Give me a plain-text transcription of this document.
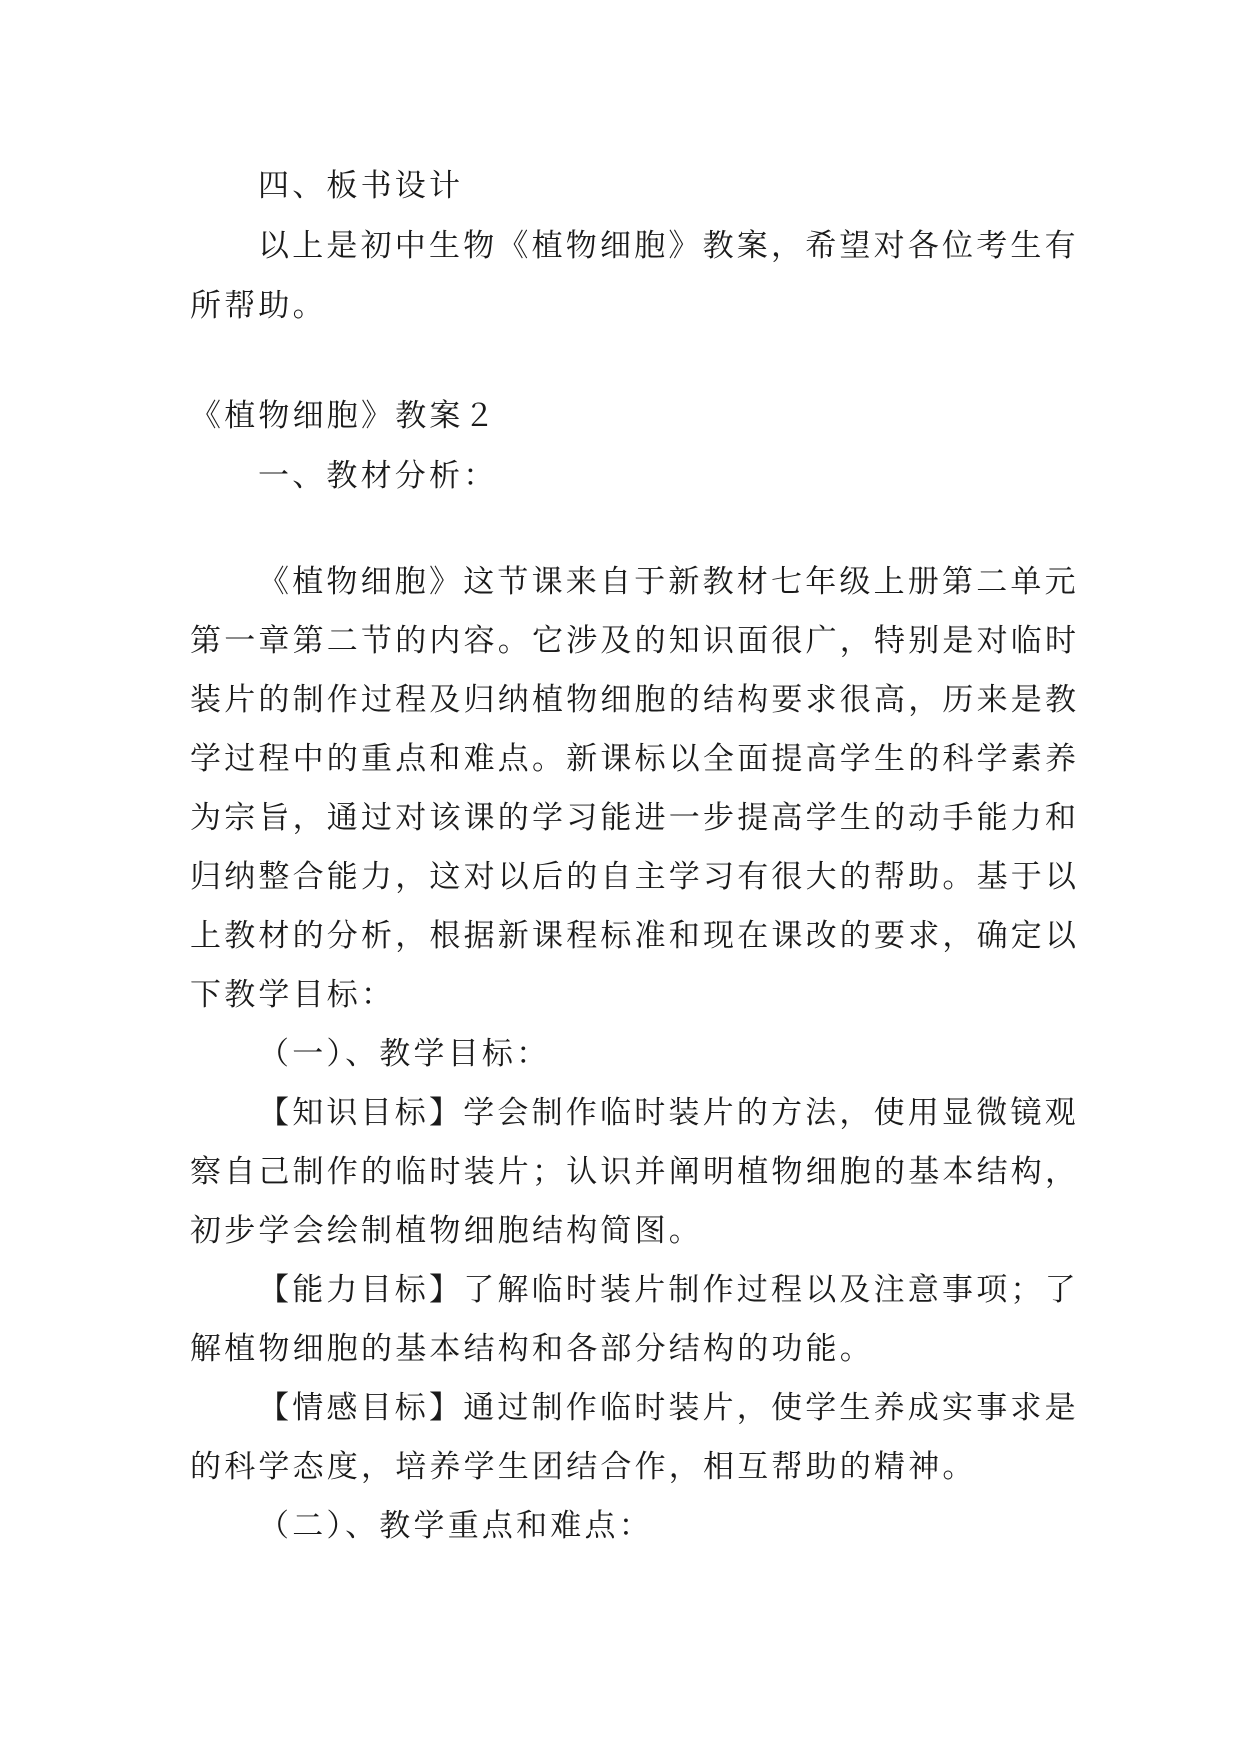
四、板书设计
以上是初中生物《植物细胞》教案，希望对各位考生有
所帮助。
《植物细胞》教案２
一、教材分析：
《植物细胞》这节课来自于新教材七年级上册第二单元
第一章第二节的内容。它涉及的知识面很广，特别是对临时
装片的制作过程及归纳植物细胞的结构要求很高，历来是教
学过程中的重点和难点。新课标以全面提高学生的科学素养
为宗旨，通过对该课的学习能进一步提高学生的动手能力和
归纳整合能力，这对以后的自主学习有很大的帮助。基于以
上教材的分析，根据新课程标准和现在课改的要求，确定以
下教学目标：
（一）、教学目标：
【知识目标】学会制作临时装片的方法，使用显微镜观
察自己制作的临时装片；认识并阐明植物细胞的基本结构，
初步学会绘制植物细胞结构简图。
【能力目标】了解临时装片制作过程以及注意事项；了
解植物细胞的基本结构和各部分结构的功能。
【情感目标】通过制作临时装片，使学生养成实事求是
的科学态度，培养学生团结合作，相互帮助的精神。
（二）、教学重点和难点：
